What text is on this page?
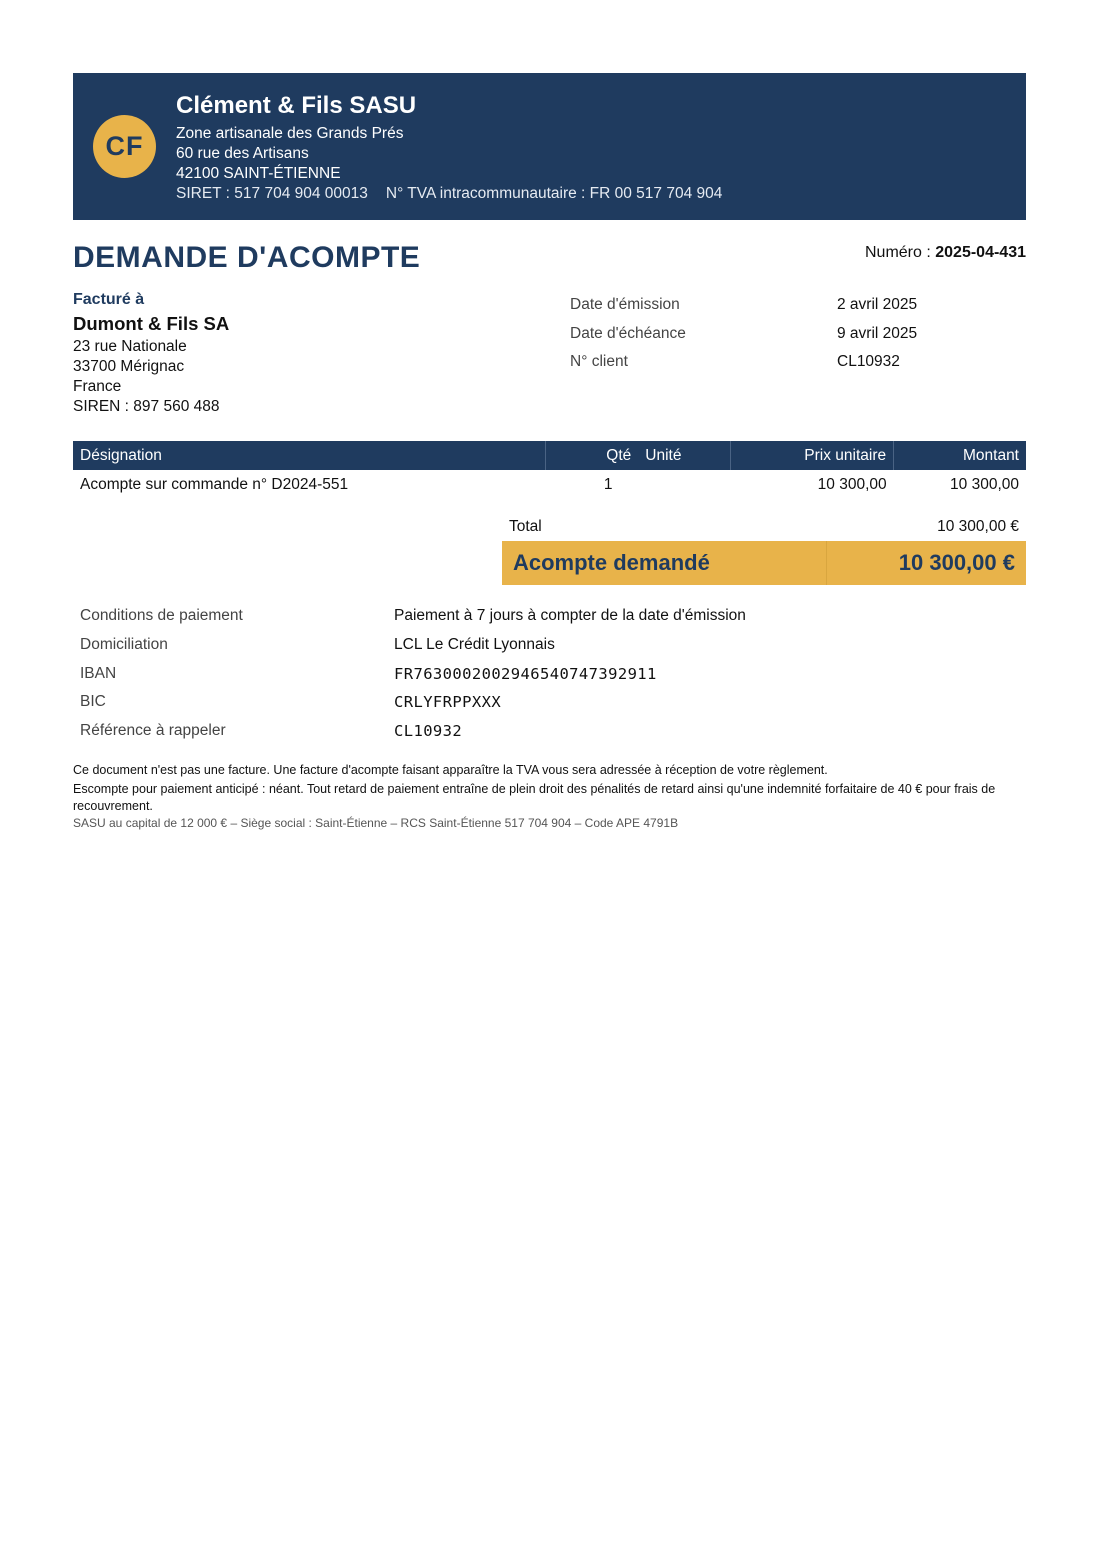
CF
Clément & Fils SASU
Zone artisanale des Grands Prés
60 rue des Artisans
42100 SAINT-ÉTIENNE
SIRET : 517 704 904 00013 N° TVA intracommunautaire : FR 00 517 704 904
DEMANDE D'ACOMPTE	Numéro : 2025-04-431
Facturé à
Dumont & Fils SA
23 rue Nationale
33700 Mérignac
France
SIREN : 897 560 488
Date d'émission	2 avril 2025
Date d'échéance	9 avril 2025
N° client	CL10932
Désignation	Qté	Unité	Prix unitaire	Montant
Acompte sur commande n° D2024-551	1		10 300,00	10 300,00
Total	10 300,00 €
Acompte demandé	10 300,00 €
Conditions de paiement	Paiement à 7 jours à compter de la date d'émission
Domiciliation	LCL Le Crédit Lyonnais
IBAN	FR7630002002946540747392911
BIC	CRLYFRPPXXX
Référence à rappeler	CL10932
Ce document n'est pas une facture. Une facture d'acompte faisant apparaître la TVA vous sera adressée à réception de votre règlement.
Escompte pour paiement anticipé : néant. Tout retard de paiement entraîne de plein droit des pénalités de retard ainsi qu'une indemnité forfaitaire de 40 € pour frais de recouvrement.
SASU au capital de 12 000 € – Siège social : Saint-Étienne – RCS Saint-Étienne 517 704 904 – Code APE 4791B
